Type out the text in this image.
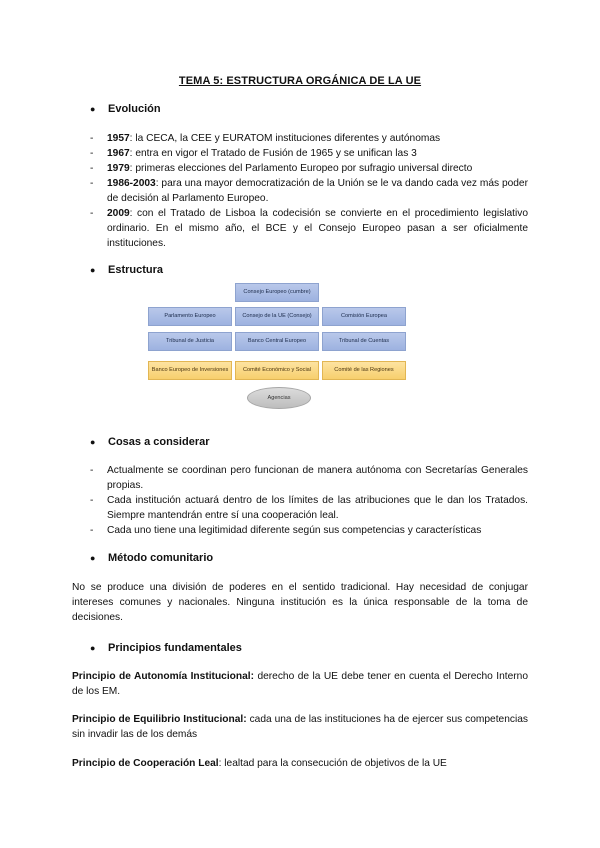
TEMA 5: ESTRUCTURA ORGÁNICA DE LA UE
● Evolución
- 1957: la CECA, la CEE y EURATOM instituciones diferentes y autónomas
- 1967: entra en vigor el Tratado de Fusión de 1965 y se unifican las 3
- 1979: primeras elecciones del Parlamento Europeo por sufragio universal directo
- 1986-2003: para una mayor democratización de la Unión se le va dando cada vez más poder de decisión al Parlamento Europeo.
- 2009: con el Tratado de Lisboa la codecisión se convierte en el procedimiento legislativo ordinario. En el mismo año, el BCE y el Consejo Europeo pasan a ser oficialmente instituciones.
● Estructura
Consejo Europeo (cumbre)
Parlamento Europeo	Consejo de la UE (Consejo)	Comisión Europea
Tribunal de Justicia	Banco Central Europeo	Tribunal de Cuentas
Banco Europeo de Inversiones	Comité Económico y Social	Comité de las Regiones
Agencias
● Cosas a considerar
- Actualmente se coordinan pero funcionan de manera autónoma con Secretarías Generales propias.
- Cada institución actuará dentro de los límites de las atribuciones que le dan los Tratados. Siempre mantendrán entre sí una cooperación leal.
- Cada uno tiene una legitimidad diferente según sus competencias y características
● Método comunitario
No se produce una división de poderes en el sentido tradicional. Hay necesidad de conjugar intereses comunes y nacionales. Ninguna institución es la única responsable de la toma de decisiones.
● Principios fundamentales
Principio de Autonomía Institucional: derecho de la UE debe tener en cuenta el Derecho Interno de los EM.
Principio de Equilibrio Institucional: cada una de las instituciones ha de ejercer sus competencias sin invadir las de los demás
Principio de Cooperación Leal: lealtad para la consecución de objetivos de la UE
